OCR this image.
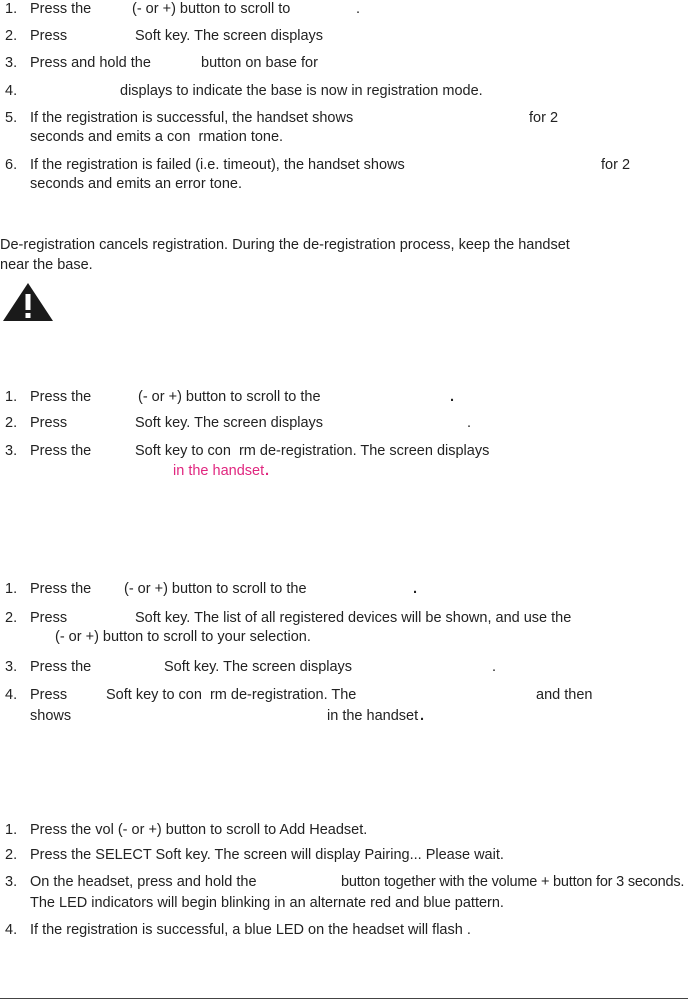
1. Press the	(- or +) button to scroll to	.
2. Press	Soft key. The screen displays
3. Press and hold the	button on base for
4.	displays to indicate the base is now in registration mode.
5. If the registration is successful, the handset shows	for 2
seconds and emits a con  rmation tone.
6. If the registration is failed (i.e. timeout), the handset shows	for 2
seconds and emits an error tone.
De-registration cancels registration. During the de-registration process, keep the handset
near the base.
1. Press the	(- or +) button to scroll to the	.
2. Press	Soft key. The screen displays	.
3. Press the	Soft key to con  rm de-registration. The screen displays
in the handset .
1. Press the (- or +) button to scroll to the	.
2. Press	Soft key. The list of all registered devices will be shown, and use the
(- or +) button to scroll to your selection.
3. Press the	Soft key. The screen displays	.
4. Press	Soft key to con  rm de-registration. The	and then
shows	in the handset .
1. Press the vol (- or +) button to scroll to Add Headset.
2. Press the SELECT Soft key. The screen will display Pairing... Please wait.
3. On the headset, press and hold the	button together with the volume + button for 3 seconds.
The LED indicators will begin blinking in an alternate red and blue pattern.
4. If the registration is successful, a blue LED on the headset will flash .
